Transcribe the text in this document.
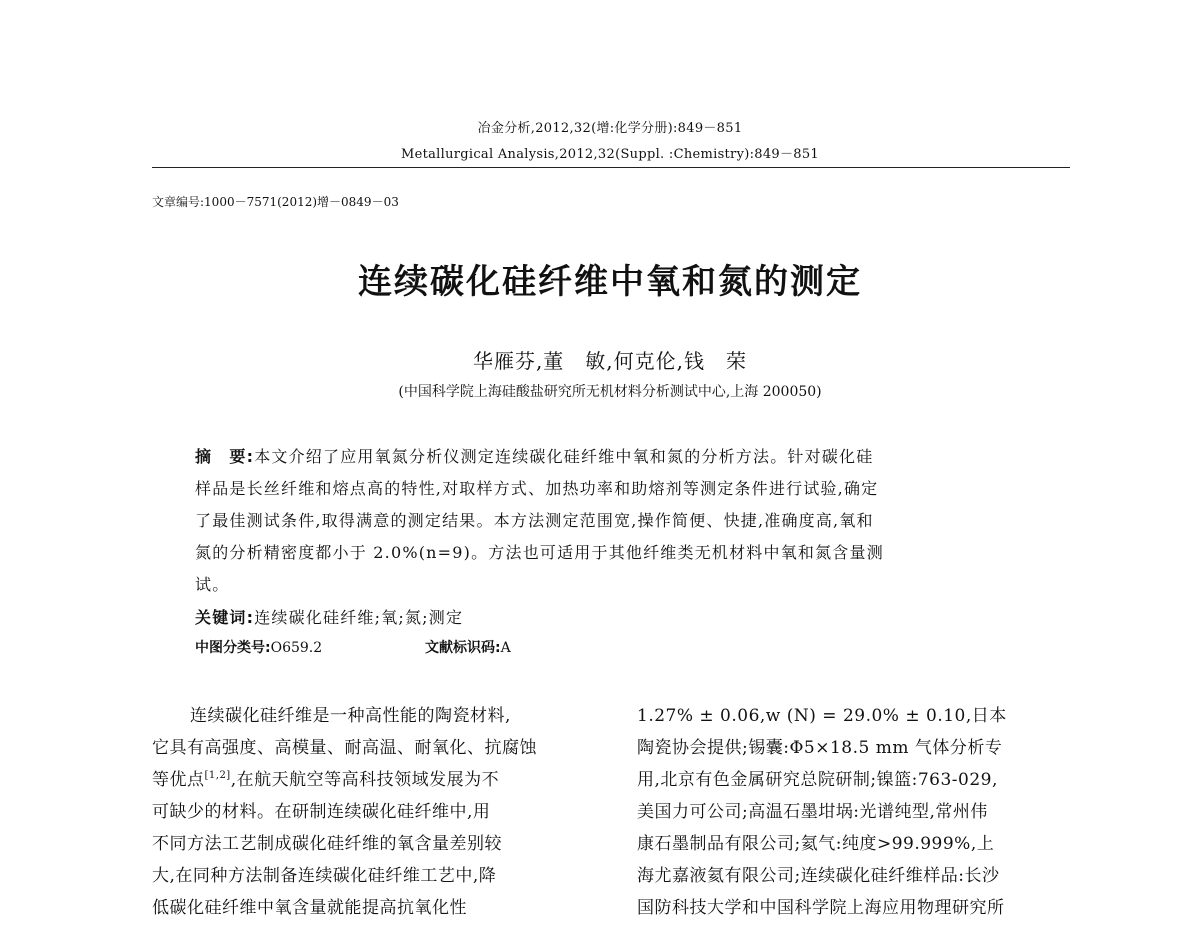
冶金分析,2012,32(增:化学分册):849－851
Metallurgical Analysis,2012,32(Suppl. :Chemistry):849－851
文章编号:1000－7571(2012)增－0849－03
连续碳化硅纤维中氧和氮的测定
华雁芬,董　敏,何克伦,钱　荣
(中国科学院上海硅酸盐研究所无机材料分析测试中心,上海 200050)
摘　要:本文介绍了应用氧氮分析仪测定连续碳化硅纤维中氧和氮的分析方法。针对碳化硅
样品是长丝纤维和熔点高的特性,对取样方式、加热功率和助熔剂等测定条件进行试验,确定
了最佳测试条件,取得满意的测定结果。本方法测定范围宽,操作简便、快捷,准确度高,氧和
氮的分析精密度都小于 2.0%(n=9)。方法也可适用于其他纤维类无机材料中氧和氮含量测
试。
关键词:连续碳化硅纤维;氧;氮;测定
中图分类号:O659.2	文献标识码:A
连续碳化硅纤维是一种高性能的陶瓷材料,
它具有高强度、高模量、耐高温、耐氧化、抗腐蚀
等优点[1,2],在航天航空等高科技领域发展为不
可缺少的材料。在研制连续碳化硅纤维中,用
不同方法工艺制成碳化硅纤维的氧含量差别较
大,在同种方法制备连续碳化硅纤维工艺中,降
低碳化硅纤维中氧含量就能提高抗氧化性
1.27% ± 0.06,w (N) = 29.0% ± 0.10,日本
陶瓷协会提供;锡囊:Φ5×18.5 mm 气体分析专
用,北京有色金属研究总院研制;镍篮:763-029,
美国力可公司;高温石墨坩埚:光谱纯型,常州伟
康石墨制品有限公司;氦气:纯度>99.999%,上
海尤嘉液氦有限公司;连续碳化硅纤维样品:长沙
国防科技大学和中国科学院上海应用物理研究所
